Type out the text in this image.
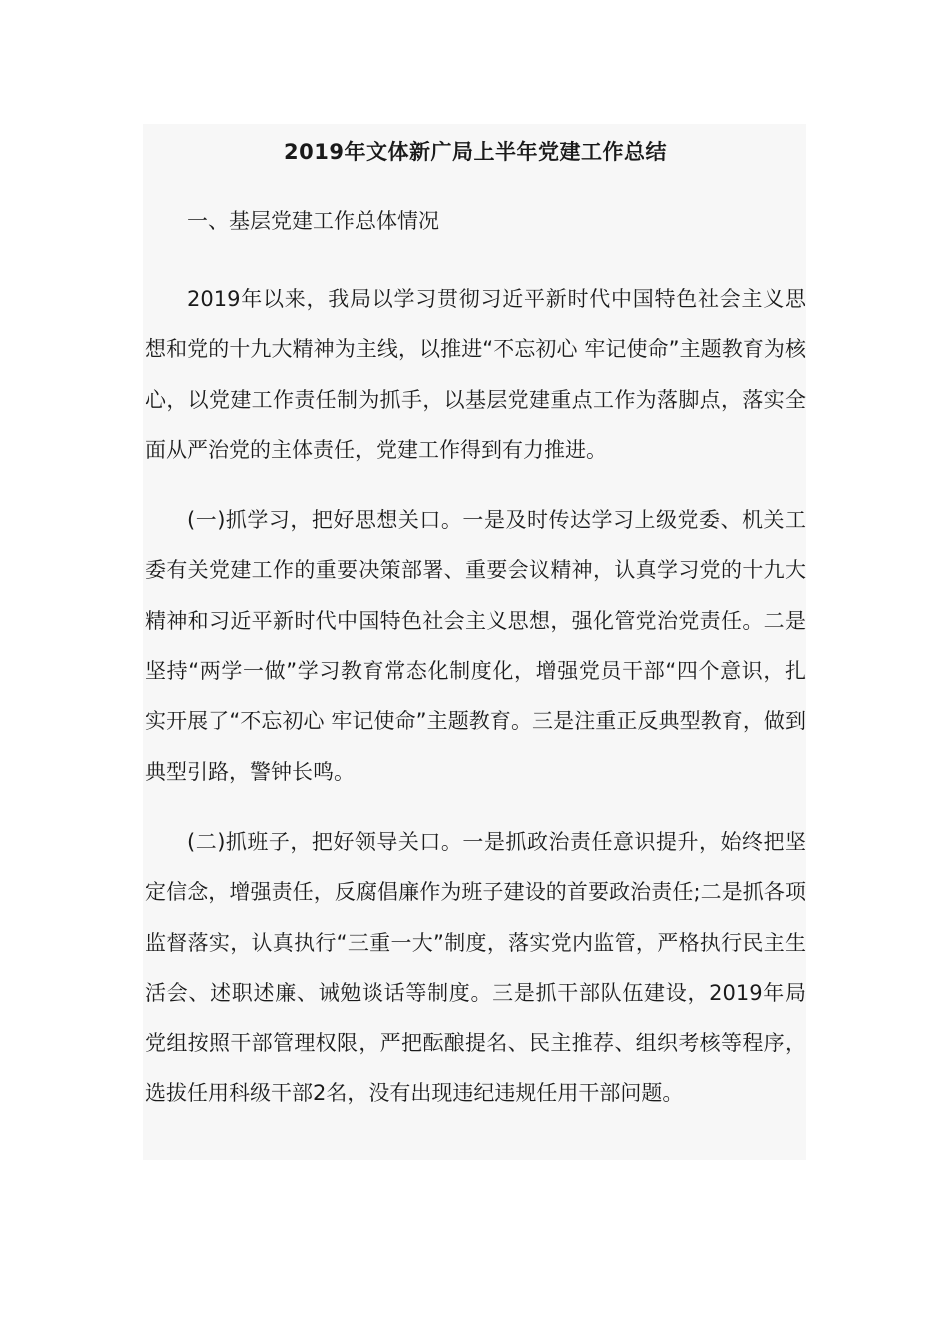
2019年文体新广局上半年党建工作总结
一、基层党建工作总体情况

2019年以来，我局以学习贯彻习近平新时代中国特色社会主义思想和党的十九大精神为主线，以推进“不忘初心 牢记使命”主题教育为核心，以党建工作责任制为抓手，以基层党建重点工作为落脚点，落实全面从严治党的主体责任，党建工作得到有力推进。

(一)抓学习，把好思想关口。一是及时传达学习上级党委、机关工委有关党建工作的重要决策部署、重要会议精神，认真学习党的十九大精神和习近平新时代中国特色社会主义思想，强化管党治党责任。二是坚持“两学一做”学习教育常态化制度化，增强党员干部“四个意识，扎实开展了“不忘初心 牢记使命”主题教育。三是注重正反典型教育，做到典型引路，警钟长鸣。

(二)抓班子，把好领导关口。一是抓政治责任意识提升，始终把坚定信念，增强责任，反腐倡廉作为班子建设的首要政治责任;二是抓各项监督落实，认真执行“三重一大”制度，落实党内监管，严格执行民主生活会、述职述廉、诫勉谈话等制度。三是抓干部队伍建设，2019年局党组按照干部管理权限，严把酝酿提名、民主推荐、组织考核等程序，选拔任用科级干部2名，没有出现违纪违规任用干部问题。
